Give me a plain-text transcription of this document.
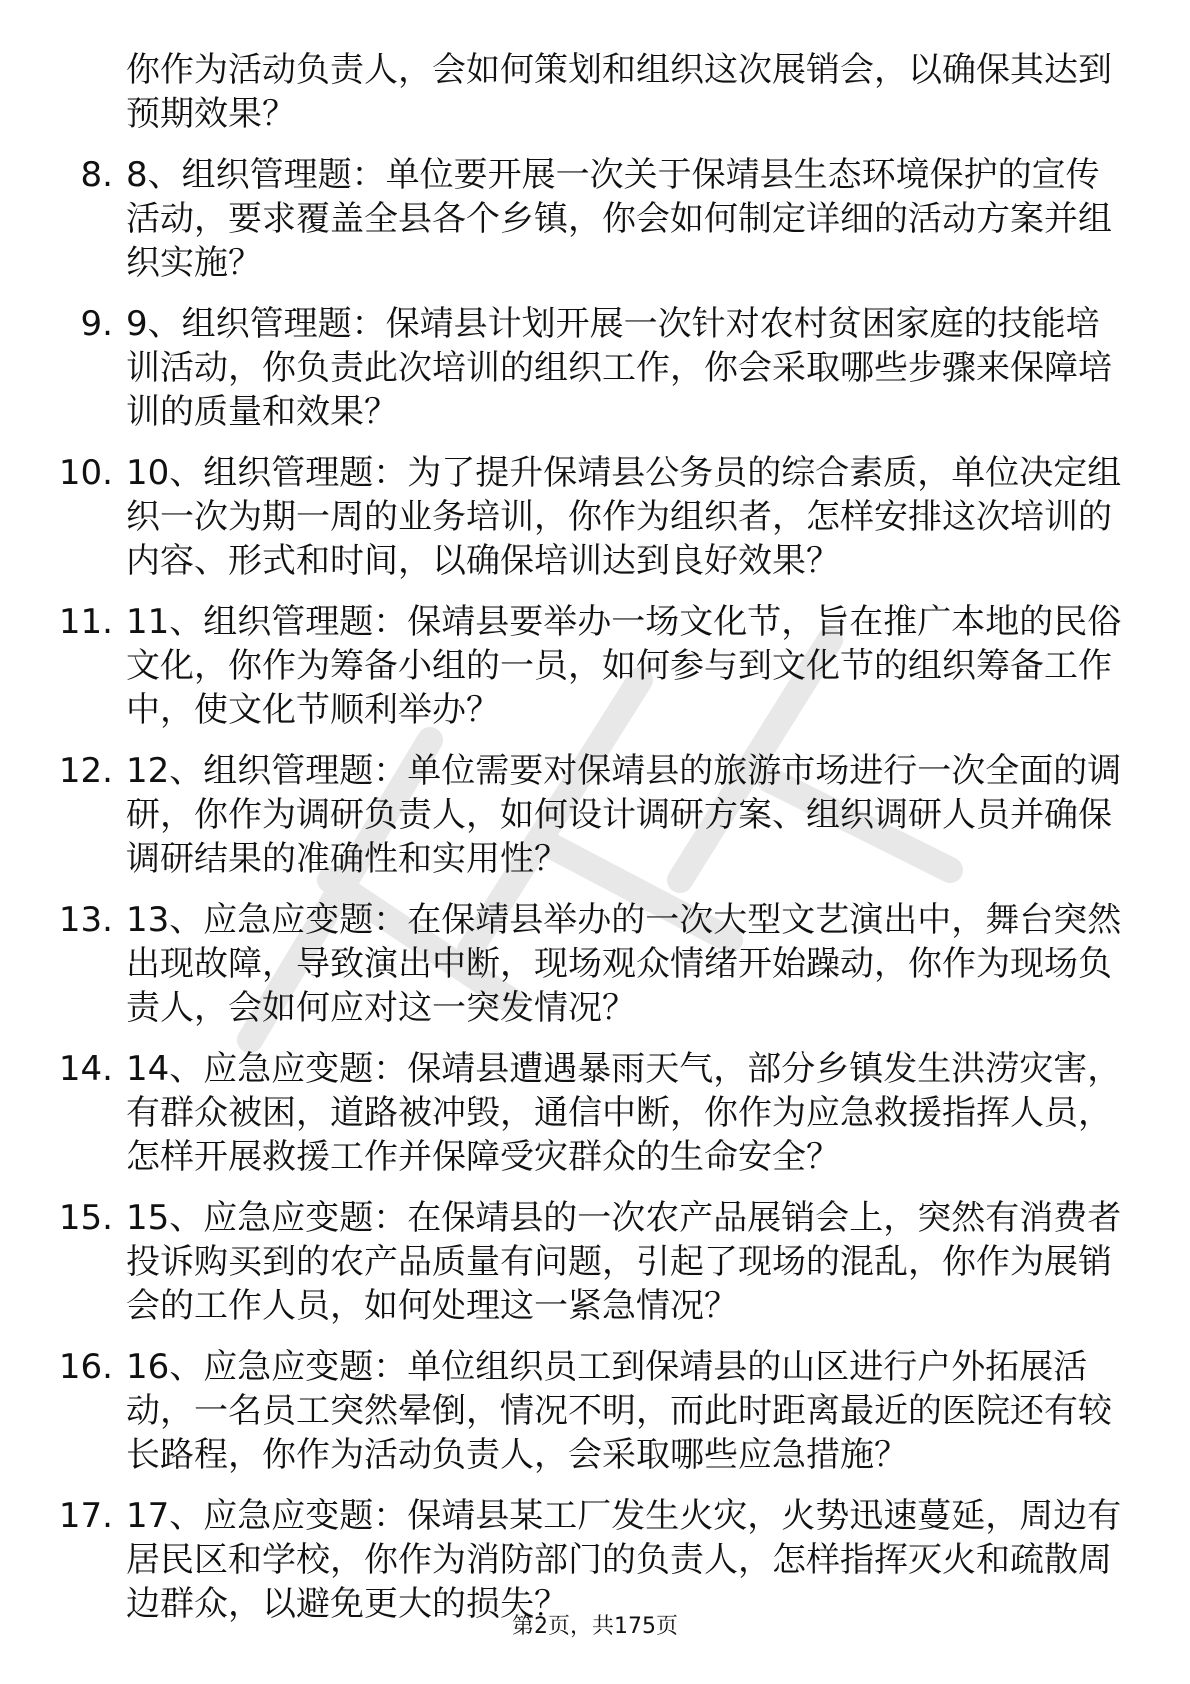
你作为活动负责人，会如何策划和组织这次展销会，以确保其达到预期效果？
8. 8、组织管理题：单位要开展一次关于保靖县生态环境保护的宣传活动，要求覆盖全县各个乡镇，你会如何制定详细的活动方案并组织实施？
9. 9、组织管理题：保靖县计划开展一次针对农村贫困家庭的技能培训活动，你负责此次培训的组织工作，你会采取哪些步骤来保障培训的质量和效果？
10. 10、组织管理题：为了提升保靖县公务员的综合素质，单位决定组织一次为期一周的业务培训，你作为组织者，怎样安排这次培训的内容、形式和时间，以确保培训达到良好效果？
11. 11、组织管理题：保靖县要举办一场文化节，旨在推广本地的民俗文化，你作为筹备小组的一员，如何参与到文化节的组织筹备工作中，使文化节顺利举办？
12. 12、组织管理题：单位需要对保靖县的旅游市场进行一次全面的调研，你作为调研负责人，如何设计调研方案、组织调研人员并确保调研结果的准确性和实用性？
13. 13、应急应变题：在保靖县举办的一次大型文艺演出中，舞台突然出现故障，导致演出中断，现场观众情绪开始躁动，你作为现场负责人，会如何应对这一突发情况？
14. 14、应急应变题：保靖县遭遇暴雨天气，部分乡镇发生洪涝灾害，有群众被困，道路被冲毁，通信中断，你作为应急救援指挥人员，怎样开展救援工作并保障受灾群众的生命安全？
15. 15、应急应变题：在保靖县的一次农产品展销会上，突然有消费者投诉购买到的农产品质量有问题，引起了现场的混乱，你作为展销会的工作人员，如何处理这一紧急情况？
16. 16、应急应变题：单位组织员工到保靖县的山区进行户外拓展活动，一名员工突然晕倒，情况不明，而此时距离最近的医院还有较长路程，你作为活动负责人，会采取哪些应急措施？
17. 17、应急应变题：保靖县某工厂发生火灾，火势迅速蔓延，周边有居民区和学校，你作为消防部门的负责人，怎样指挥灭火和疏散周边群众，以避免更大的损失？
第2页，共175页
